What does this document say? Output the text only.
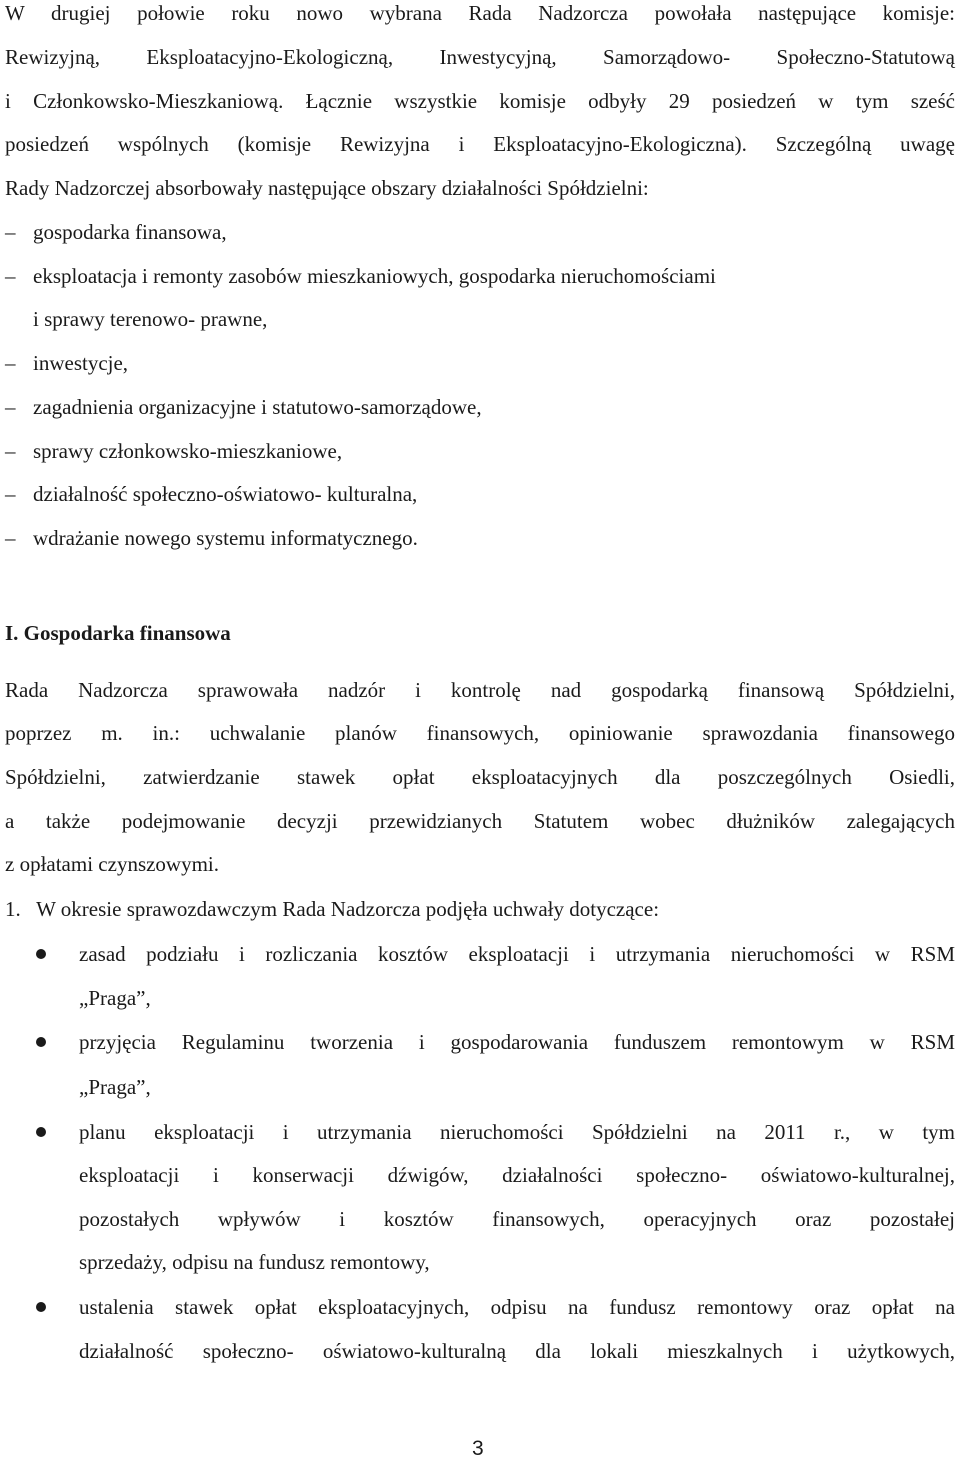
W drugiej połowie roku nowo wybrana Rada Nadzorcza powołała następujące komisje:
Rewizyjną, Eksploatacyjno-Ekologiczną, Inwestycyjną, Samorządowo- Społeczno-Statutową
i Członkowsko-Mieszkaniową. Łącznie wszystkie komisje odbyły 29 posiedzeń w tym sześć
posiedzeń wspólnych (komisje Rewizyjna i Eksploatacyjno-Ekologiczna). Szczególną uwagę
Rady Nadzorczej absorbowały następujące obszary działalności Spółdzielni:
– gospodarka finansowa,
– eksploatacja i remonty zasobów mieszkaniowych, gospodarka nieruchomościami
i sprawy terenowo- prawne,
– inwestycje,
– zagadnienia organizacyjne i statutowo-samorządowe,
– sprawy członkowsko-mieszkaniowe,
– działalność społeczno-oświatowo- kulturalna,
– wdrażanie nowego systemu informatycznego.
I. Gospodarka finansowa
Rada Nadzorcza sprawowała nadzór i kontrolę nad gospodarką finansową Spółdzielni,
poprzez m. in.: uchwalanie planów finansowych, opiniowanie sprawozdania finansowego
Spółdzielni, zatwierdzanie stawek opłat eksploatacyjnych dla poszczególnych Osiedli,
a także podejmowanie decyzji przewidzianych Statutem wobec dłużników zalegających
z opłatami czynszowymi.
1.   W okresie sprawozdawczym Rada Nadzorcza podjęła uchwały dotyczące:
zasad podziału i rozliczania kosztów eksploatacji i utrzymania nieruchomości w RSM
„Praga”,
przyjęcia Regulaminu tworzenia i gospodarowania funduszem remontowym w RSM
„Praga”,
planu eksploatacji i utrzymania nieruchomości Spółdzielni na 2011 r., w tym
eksploatacji i konserwacji dźwigów, działalności społeczno- oświatowo-kulturalnej,
pozostałych wpływów i kosztów finansowych, operacyjnych oraz pozostałej
sprzedaży, odpisu na fundusz remontowy,
ustalenia stawek opłat eksploatacyjnych, odpisu na fundusz remontowy oraz opłat na
działalność społeczno- oświatowo-kulturalną dla lokali mieszkalnych i użytkowych,
3
